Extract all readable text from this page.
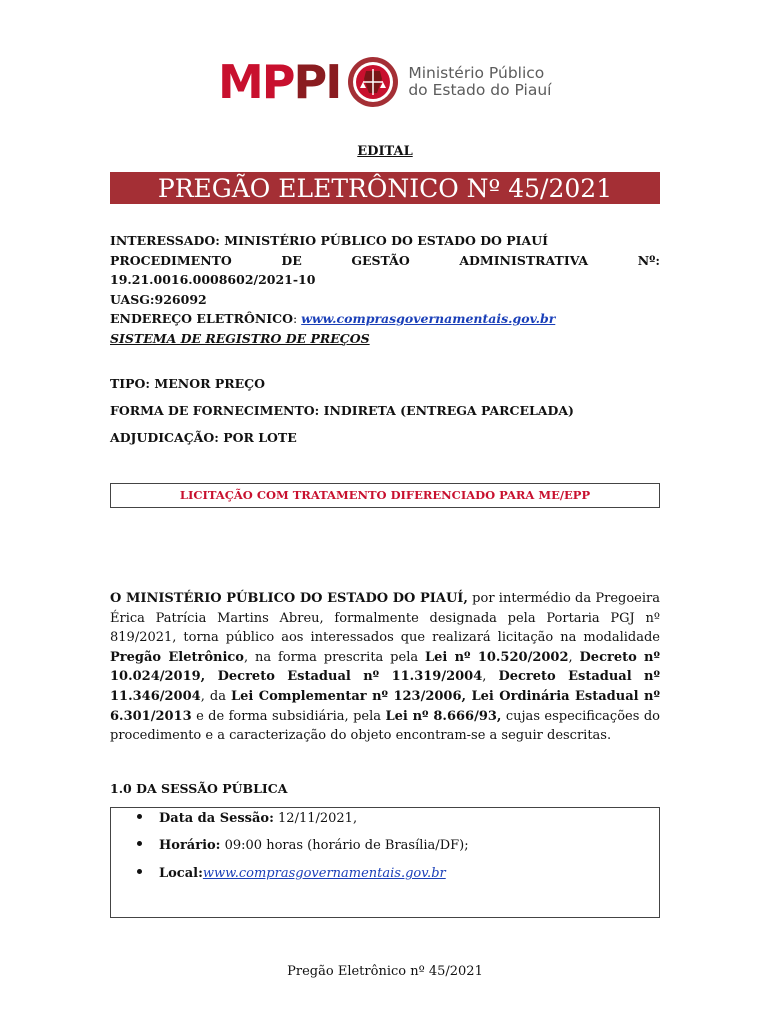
MP PI	Ministério Público
do Estado do Piauí
EDITAL
PREGÃO ELETRÔNICO Nº 45/2021
INTERESSADO: MINISTÉRIO PÚBLICO DO ESTADO DO PIAUÍ
PROCEDIMENTO	DE	GESTÃO	ADMINISTRATIVA	Nº:
19.21.0016.0008602/2021-10
UASG:926092
ENDEREÇO ELETRÔNICO: www.comprasgovernamentais.gov.br
SISTEMA DE REGISTRO DE PREÇOS
TIPO: MENOR PREÇO
FORMA DE FORNECIMENTO: INDIRETA (ENTREGA PARCELADA)
ADJUDICAÇÃO: POR LOTE
LICITAÇÃO COM TRATAMENTO DIFERENCIADO PARA ME/EPP
O MINISTÉRIO PÚBLICO DO ESTADO DO PIAUÍ, por intermédio da Pregoeira Érica Patrícia Martins Abreu, formalmente designada pela Portaria PGJ nº 819/2021, torna público aos interessados que realizará licitação na modalidade Pregão Eletrônico, na forma prescrita pela Lei nº 10.520/2002, Decreto nº 10.024/2019, Decreto Estadual nº 11.319/2004, Decreto Estadual nº 11.346/2004, da Lei Complementar nº 123/2006, Lei Ordinária Estadual nº 6.301/2013 e de forma subsidiária, pela Lei nº 8.666/93, cujas especificações do procedimento e a caracterização do objeto encontram-se a seguir descritas.
1.0 DA SESSÃO PÚBLICA
Data da Sessão: 12/11/2021,
Horário: 09:00 horas (horário de Brasília/DF);
Local:www.comprasgovernamentais.gov.br
Pregão Eletrônico nº 45/2021
